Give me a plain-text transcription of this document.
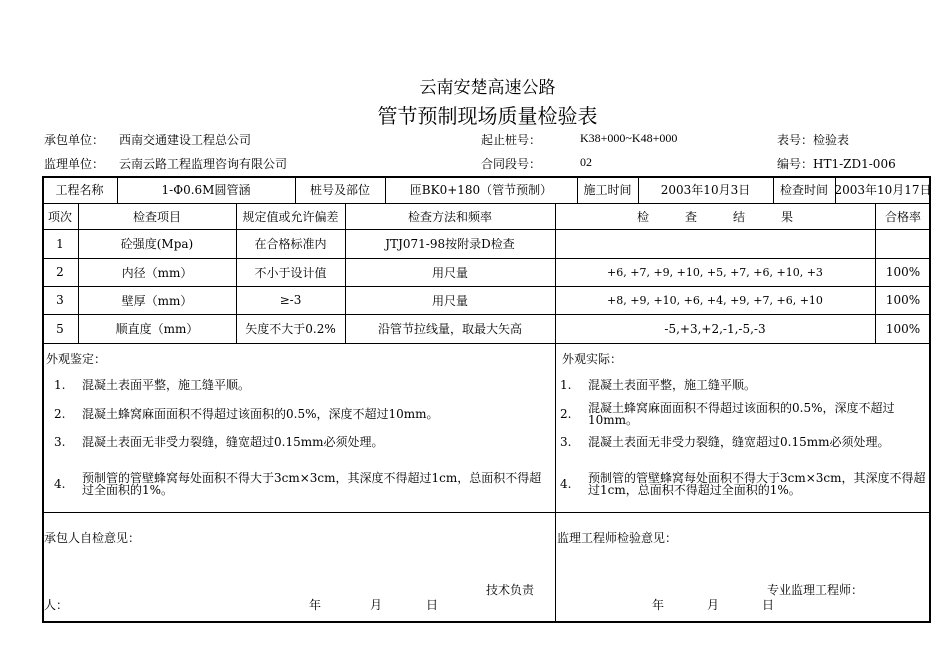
云南安楚高速公路
管节预制现场质量检验表
承包单位： 西南交通建设工程总公司	起止桩号：	K38+000~K48+000	表号：检验表
监理单位： 云南云路工程监理咨询有限公司	合同段号：	02	编号：HT1-ZD1-006
工程名称	1-Φ0.6M圆管涵	桩号及部位	匝BK0+180（管节预制）	施工时间	2003年10月3日	检查时间 2003年10月17日
项次	检查项目	规定值或允许偏差	检查方法和频率	检　　　查　　　结　　　果	合格率
1	砼强度(Mpa)	在合格标准内	JTJ071-98按附录D检查
2	内径（mm）	不小于设计值	用尺量	+6, +7, +9, +10, +5, +7, +6, +10, +3	100%
3	壁厚（mm）	≥-3	用尺量	+8, +9, +10, +6, +4, +9, +7, +6, +10	100%
5	顺直度（mm）	矢度不大于0.2%	沿管节拉线量，取最大矢高	-5,+3,+2,-1,-5,-3	100%
外观鉴定：
1.	混凝土表面平整，施工缝平顺。
2.	混凝土蜂窝麻面面积不得超过该面积的0.5%，深度不超过10mm。
3.	混凝土表面无非受力裂缝，缝宽超过0.15mm必须处理。
4.	预制管的管壁蜂窝每处面积不得大于3cm×3cm，其深度不得超过1cm，总面积不得超过全面积的1%。
外观实际：
1.	混凝土表面平整，施工缝平顺。
2.	混凝土蜂窝麻面面积不得超过该面积的0.5%，深度不超过10mm。
3.	混凝土表面无非受力裂缝，缝宽超过0.15mm必须处理。
4.	预制管的管壁蜂窝每处面积不得大于3cm×3cm，其深度不得超过1cm，总面积不得超过全面积的1%。
承包人自检意见：
技术负责
人：	年	月	日
监理工程师检验意见：
专业监理工程师：
年	月	日
